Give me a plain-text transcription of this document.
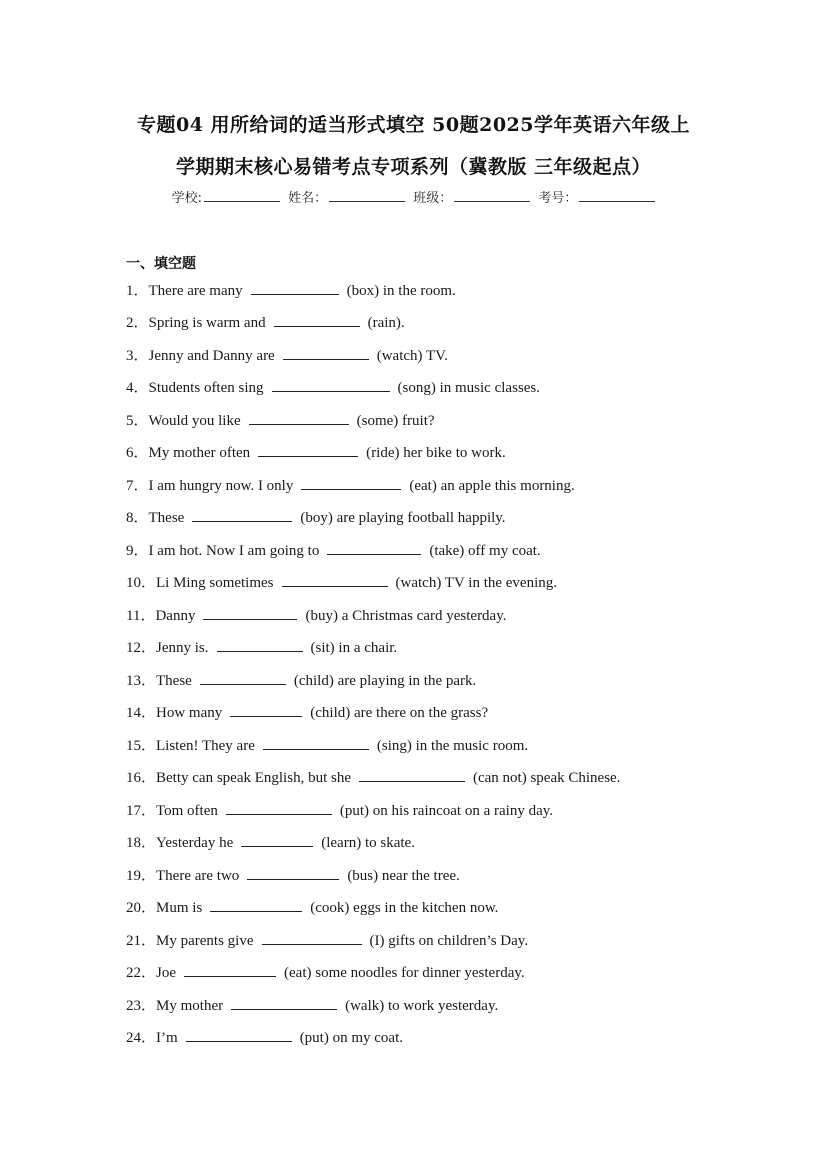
专题04 用所给词的适当形式填空 50题2025学年英语六年级上
学期期末核心易错考点专项系列（冀教版 三年级起点）
学校:	姓名：	班级：	考号：
一、填空题
1．There are many	(box) in the room.
2．Spring is warm and	(rain).
3．Jenny and Danny are	(watch) TV.
4．Students often sing	(song) in music classes.
5．Would you like	(some) fruit?
6．My mother often	(ride) her bike to work.
7．I am hungry now. I only	(eat) an apple this morning.
8．These	(boy) are playing football happily.
9．I am hot. Now I am going to	(take) off my coat.
10．Li Ming sometimes	(watch) TV in the evening.
11．Danny	(buy) a Christmas card yesterday.
12．Jenny is.	(sit) in a chair.
13．These	(child) are playing in the park.
14．How many	(child) are there on the grass?
15．Listen! They are	(sing) in the music room.
16．Betty can speak English, but she	(can not) speak Chinese.
17．Tom often	(put) on his raincoat on a rainy day.
18．Yesterday he	(learn) to skate.
19．There are two	(bus) near the tree.
20．Mum is	(cook) eggs in the kitchen now.
21．My parents give	(I) gifts on children’s Day.
22．Joe	(eat) some noodles for dinner yesterday.
23．My mother	(walk) to work yesterday.
24．I’m	(put) on my coat.
